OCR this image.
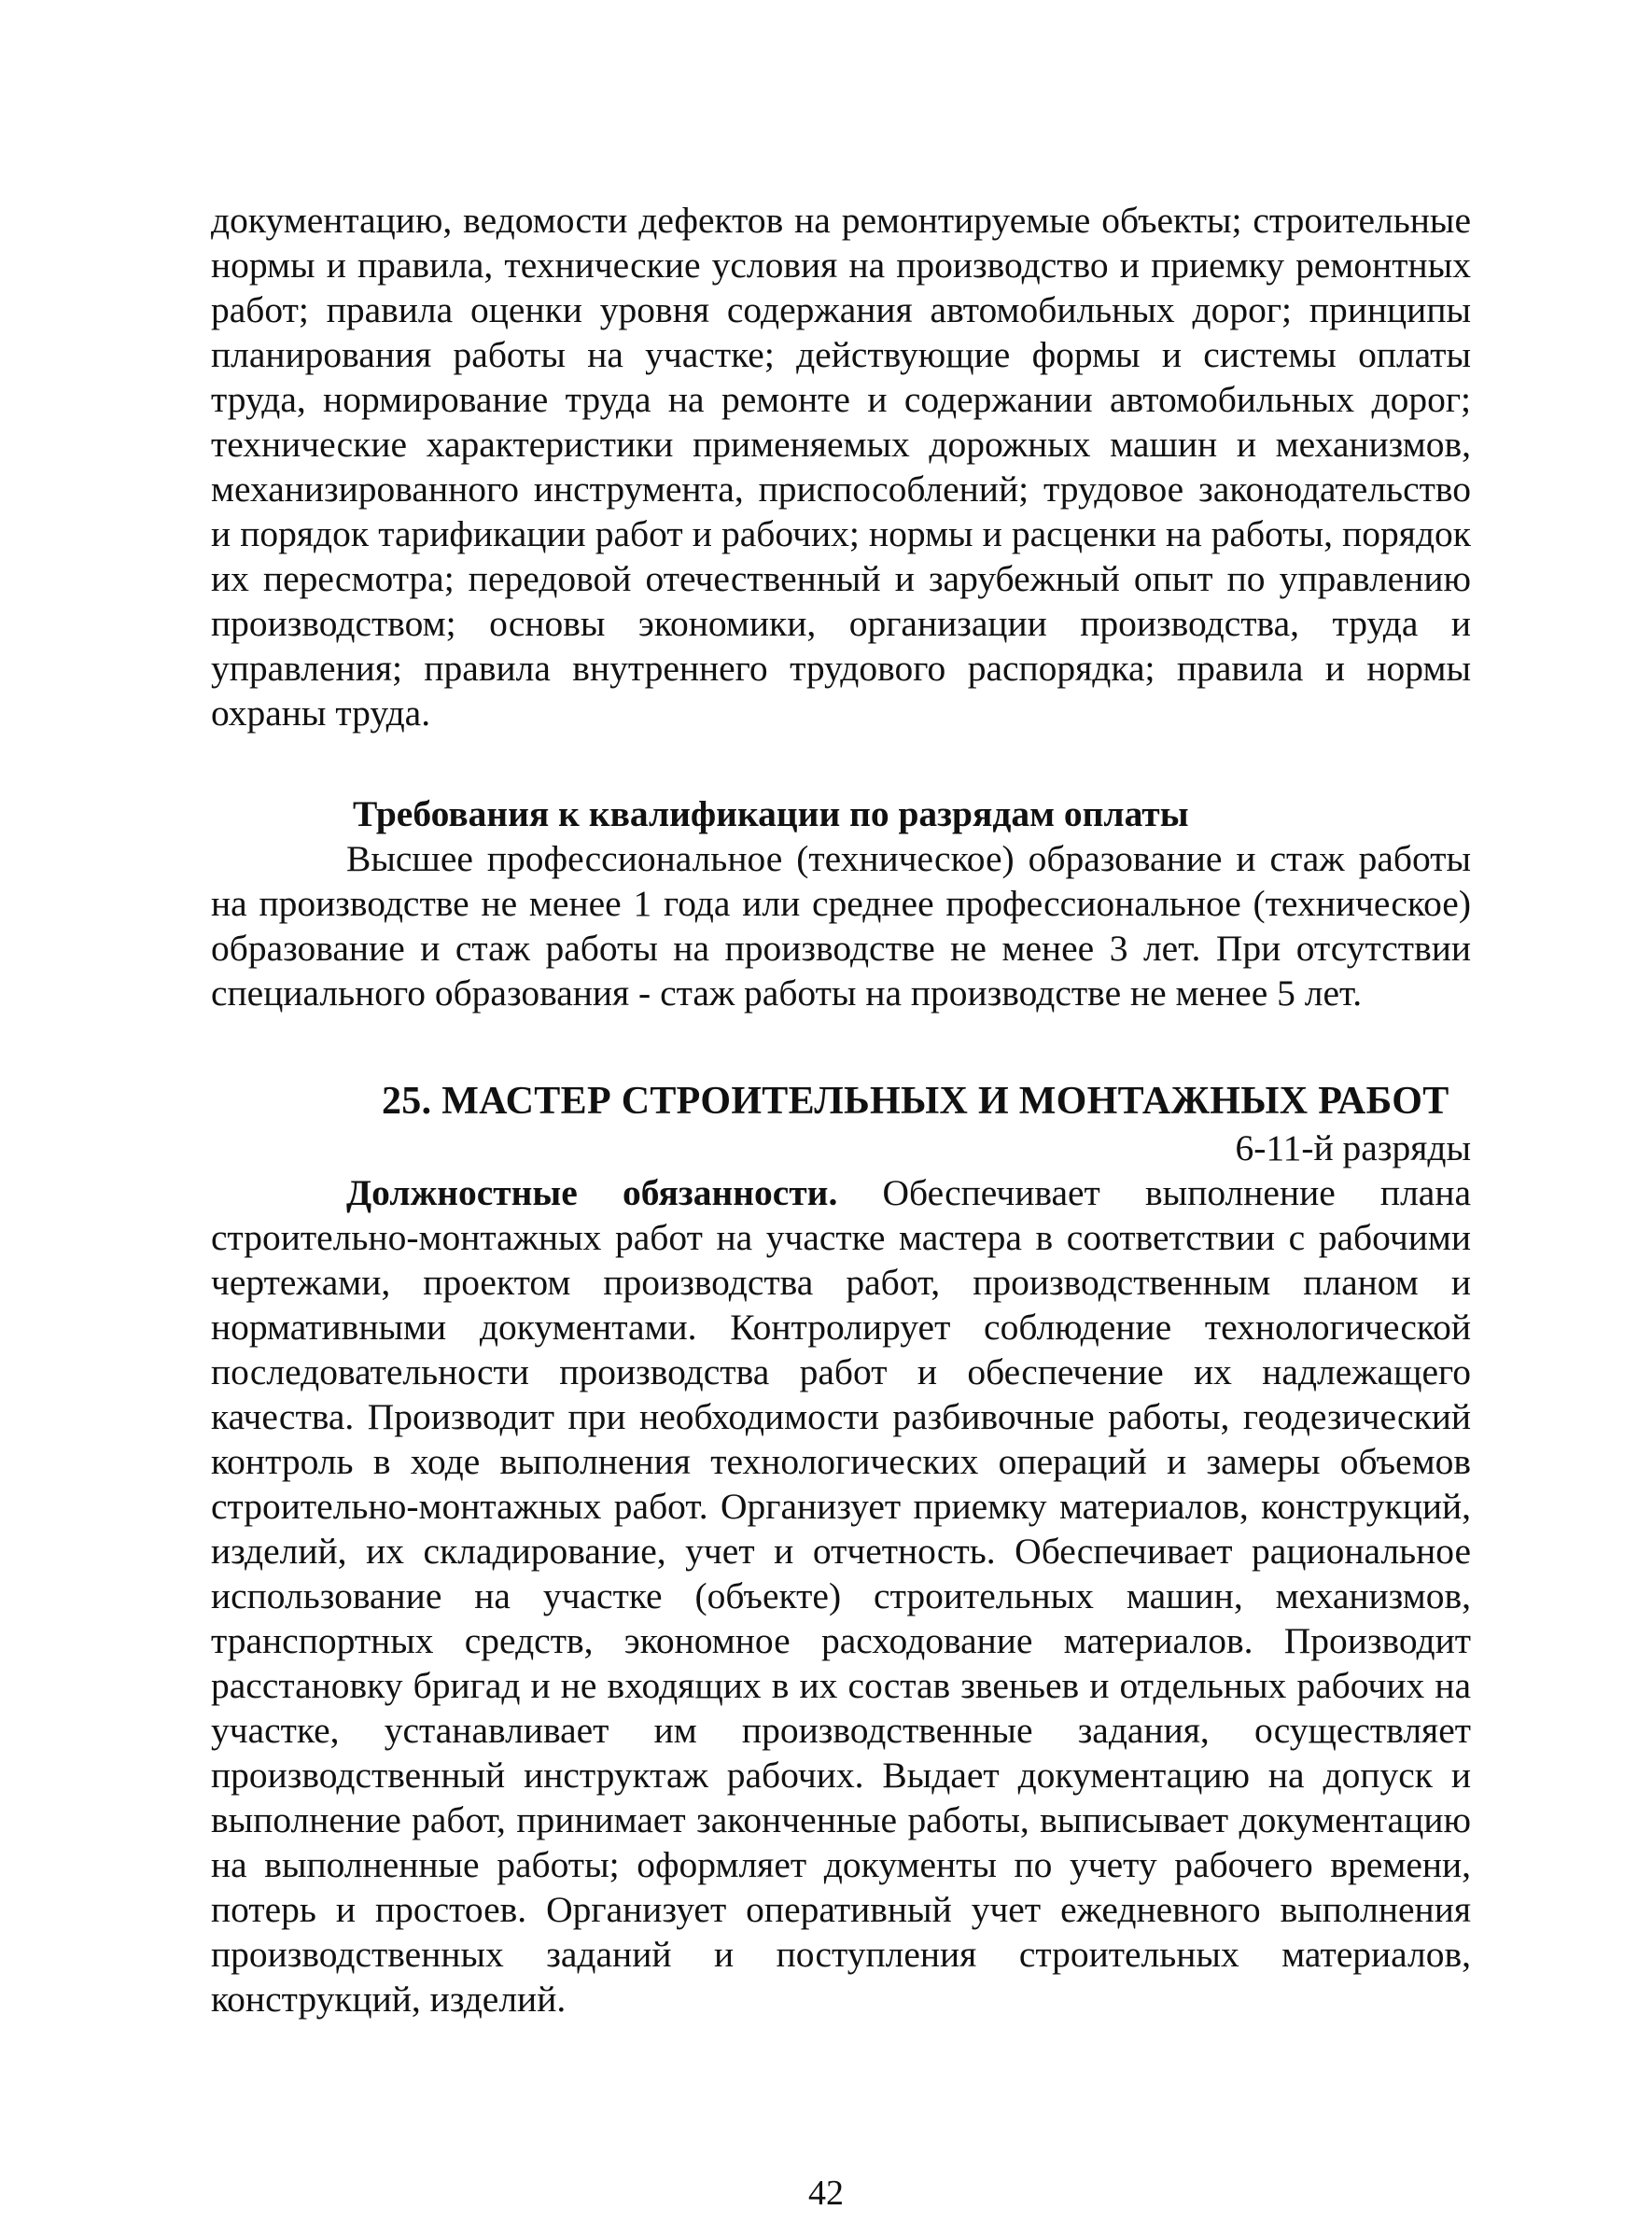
документацию, ведомости дефектов на ремонтируемые объекты; строительные нормы и правила, технические условия на производство и приемку ремонтных работ; правила оценки уровня содержания автомобильных дорог; принципы планирования работы на участке; действующие формы и системы оплаты труда, нормирование труда на ремонте и содержании автомобильных дорог; технические характеристики применяемых дорожных машин и механизмов, механизированного инструмента, приспособлений; трудовое законодательство и порядок тарификации работ и рабочих; нормы и расценки на работы, порядок их пересмотра; передовой отечественный и зарубежный опыт по управлению производством; основы экономики, организации производства, труда и управления; правила внутреннего трудового распорядка; правила и нормы охраны труда.

Требования к квалификации по разрядам оплаты

Высшее профессиональное (техническое) образование и стаж работы на производстве не менее 1 года или среднее профессиональное (техническое) образование и стаж работы на производстве не менее 3 лет. При отсутствии специального образования - стаж работы на производстве не менее 5 лет.

25. МАСТЕР СТРОИТЕЛЬНЫХ И МОНТАЖНЫХ РАБОТ

6-11-й разряды

Должностные обязанности. Обеспечивает выполнение плана строительно-монтажных работ на участке мастера в соответствии с рабочими чертежами, проектом производства работ, производственным планом и нормативными документами. Контролирует соблюдение технологической последовательности производства работ и обеспечение их надлежащего качества. Производит при необходимости разбивочные работы, геодезический контроль в ходе выполнения технологических операций и замеры объемов строительно-монтажных работ. Организует приемку материалов, конструкций, изделий, их складирование, учет и отчетность. Обеспечивает рациональное использование на участке (объекте) строительных машин, механизмов, транспортных средств, экономное расходование материалов. Производит расстановку бригад и не входящих в их состав звеньев и отдельных рабочих на участке, устанавливает им производственные задания, осуществляет производственный инструктаж рабочих. Выдает документацию на допуск и выполнение работ, принимает законченные работы, выписывает документацию на выполненные работы; оформляет документы по учету рабочего времени, потерь и простоев. Организует оперативный учет ежедневного выполнения производственных заданий и поступления строительных материалов, конструкций, изделий.

42
